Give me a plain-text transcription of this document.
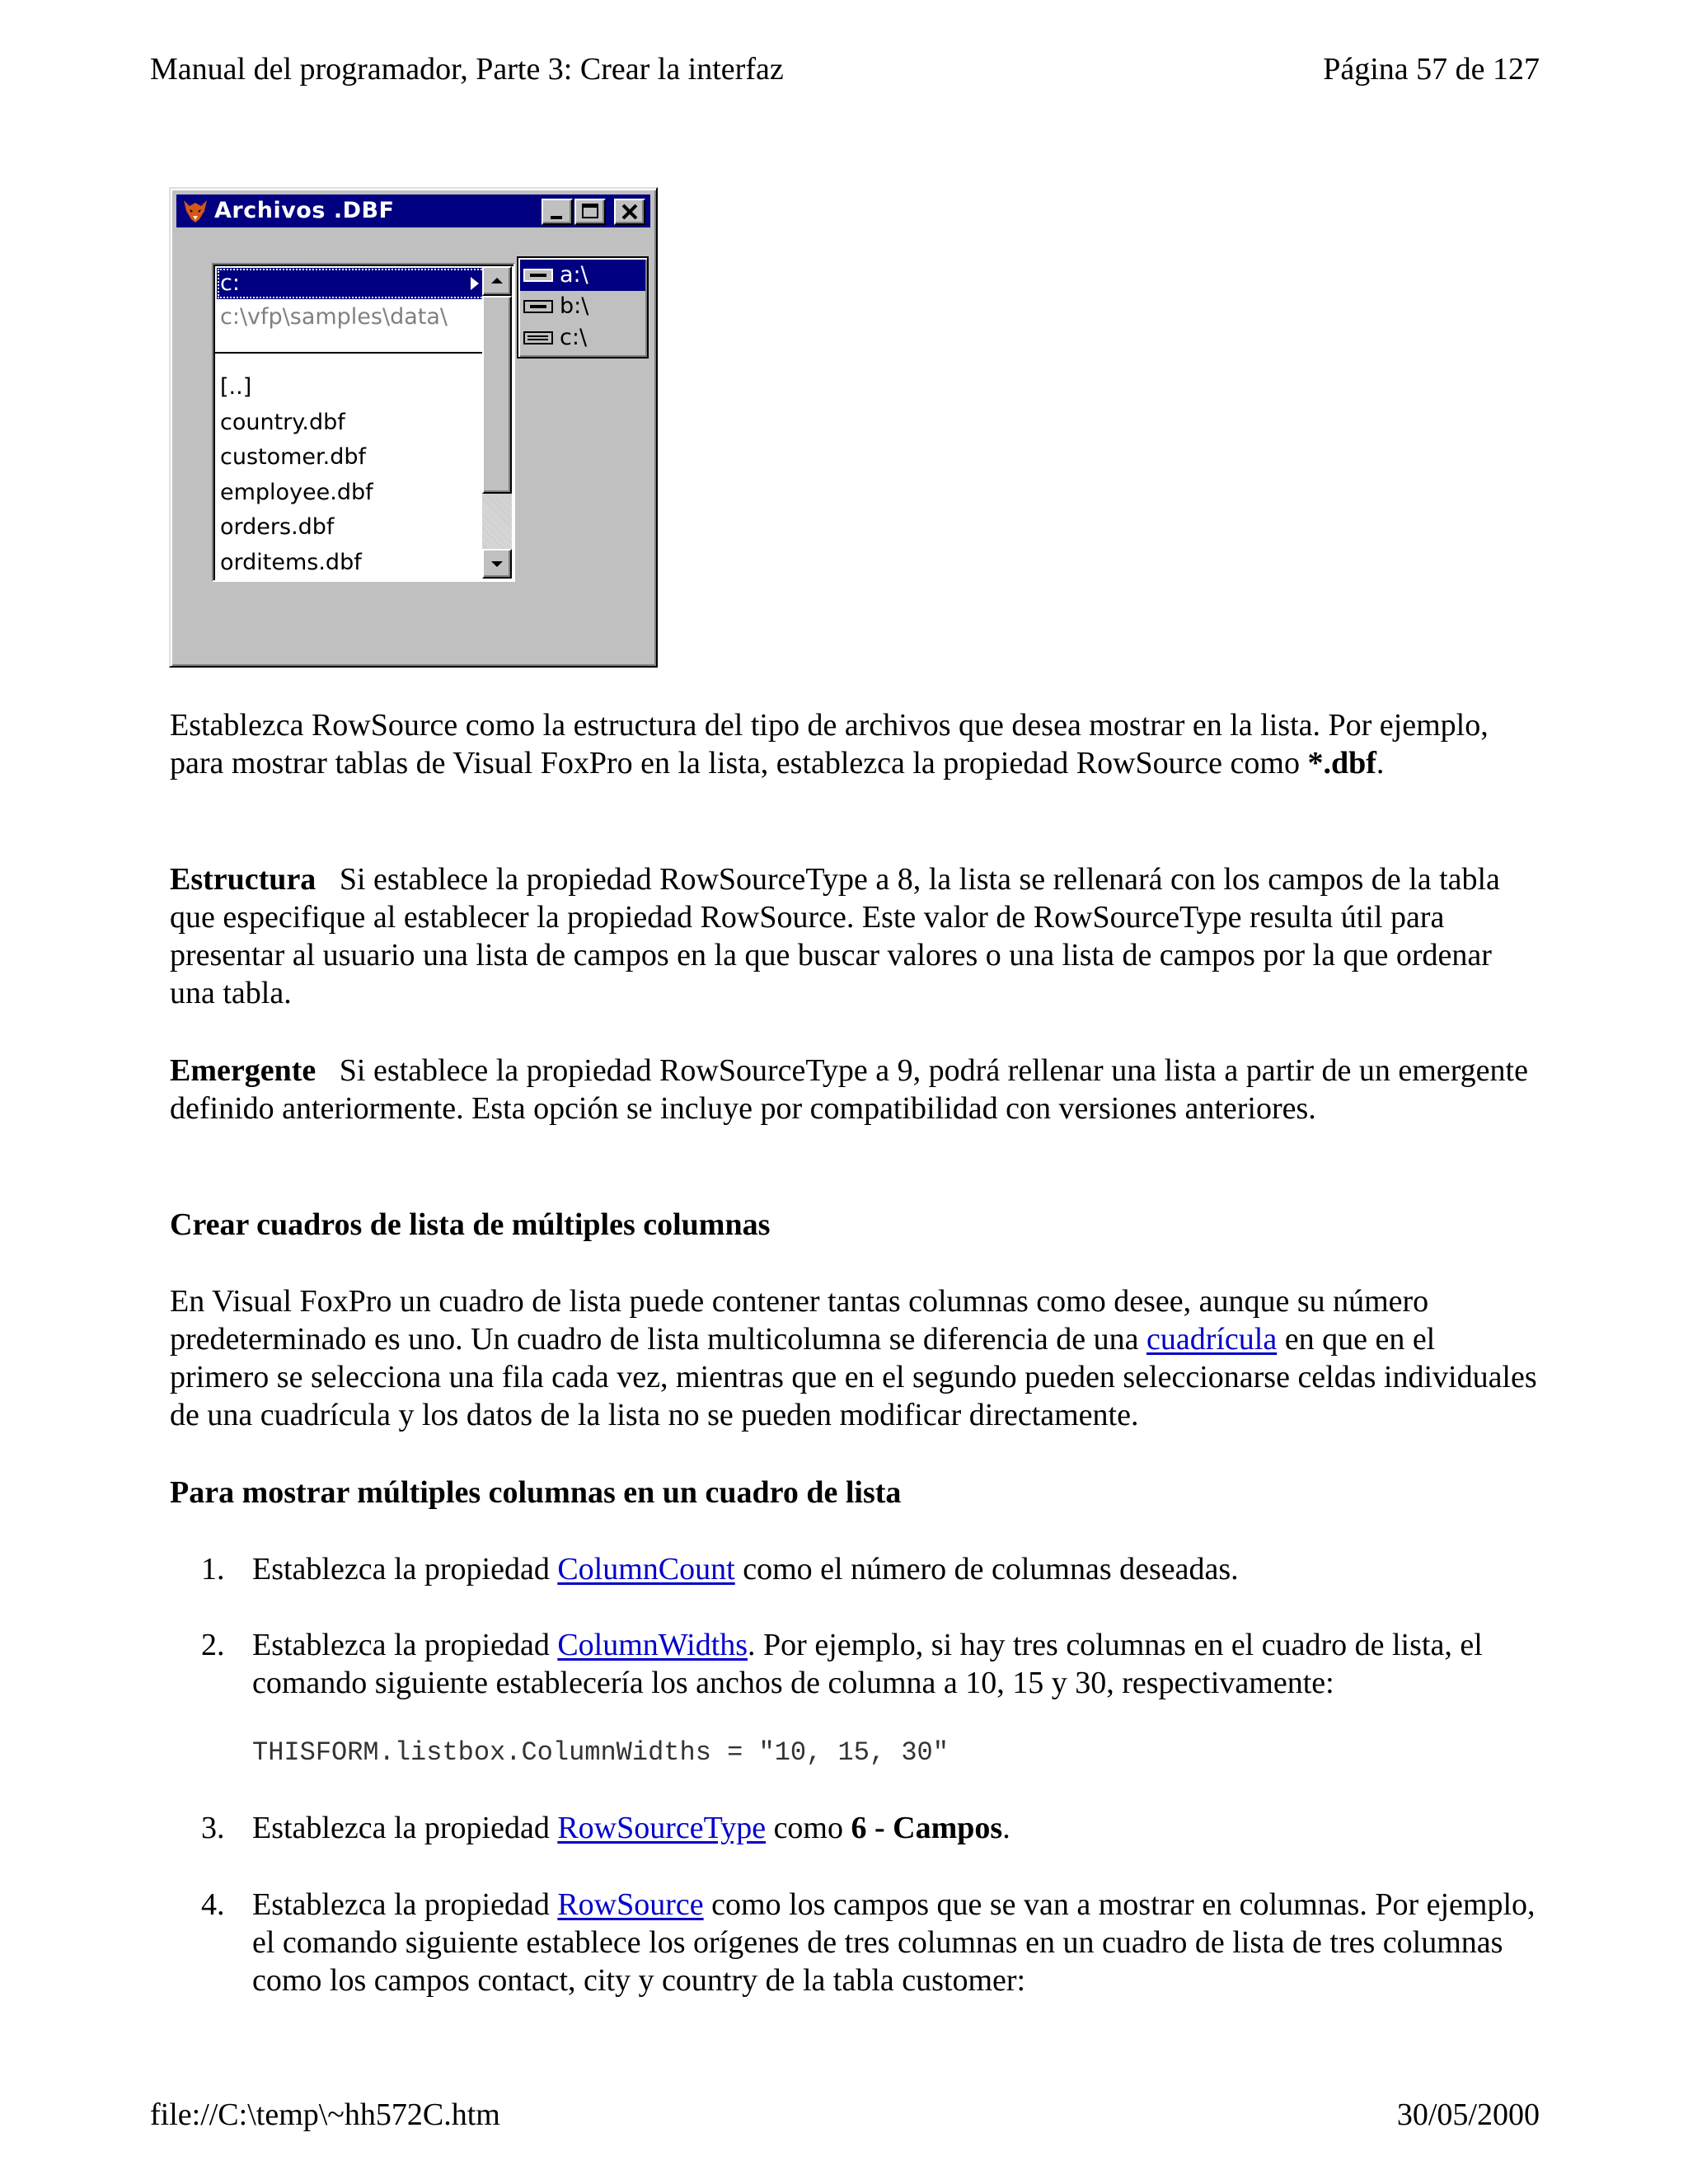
Manual del programador, Parte 3: Crear la interfaz	Página 57 de 127
Archivos .DBF
c:
c:\vfp\samples\data\
[..]
country.dbf
customer.dbf
employee.dbf
orders.dbf
orditems.dbf
a:\
b:\
c:\
Establezca RowSource como la estructura del tipo de archivos que desea mostrar en la lista. Por ejemplo, para mostrar tablas de Visual FoxPro en la lista, establezca la propiedad RowSource como *.dbf.
Estructura Si establece la propiedad RowSourceType a 8, la lista se rellenará con los campos de la tabla que especifique al establecer la propiedad RowSource. Este valor de RowSourceType resulta útil para presentar al usuario una lista de campos en la que buscar valores o una lista de campos por la que ordenar una tabla.
Emergente Si establece la propiedad RowSourceType a 9, podrá rellenar una lista a partir de un emergente definido anteriormente. Esta opción se incluye por compatibilidad con versiones anteriores.
Crear cuadros de lista de múltiples columnas
En Visual FoxPro un cuadro de lista puede contener tantas columnas como desee, aunque su número predeterminado es uno. Un cuadro de lista multicolumna se diferencia de una cuadrícula en que en el primero se selecciona una fila cada vez, mientras que en el segundo pueden seleccionarse celdas individuales de una cuadrícula y los datos de la lista no se pueden modificar directamente.
Para mostrar múltiples columnas en un cuadro de lista
1. Establezca la propiedad ColumnCount como el número de columnas deseadas.
2. Establezca la propiedad ColumnWidths. Por ejemplo, si hay tres columnas en el cuadro de lista, el comando siguiente establecería los anchos de columna a 10, 15 y 30, respectivamente:
THISFORM.listbox.ColumnWidths = "10, 15, 30"
3. Establezca la propiedad RowSourceType como 6 - Campos.
4. Establezca la propiedad RowSource como los campos que se van a mostrar en columnas. Por ejemplo, el comando siguiente establece los orígenes de tres columnas en un cuadro de lista de tres columnas como los campos contact, city y country de la tabla customer:
file://C:\temp\~hh572C.htm	30/05/2000
